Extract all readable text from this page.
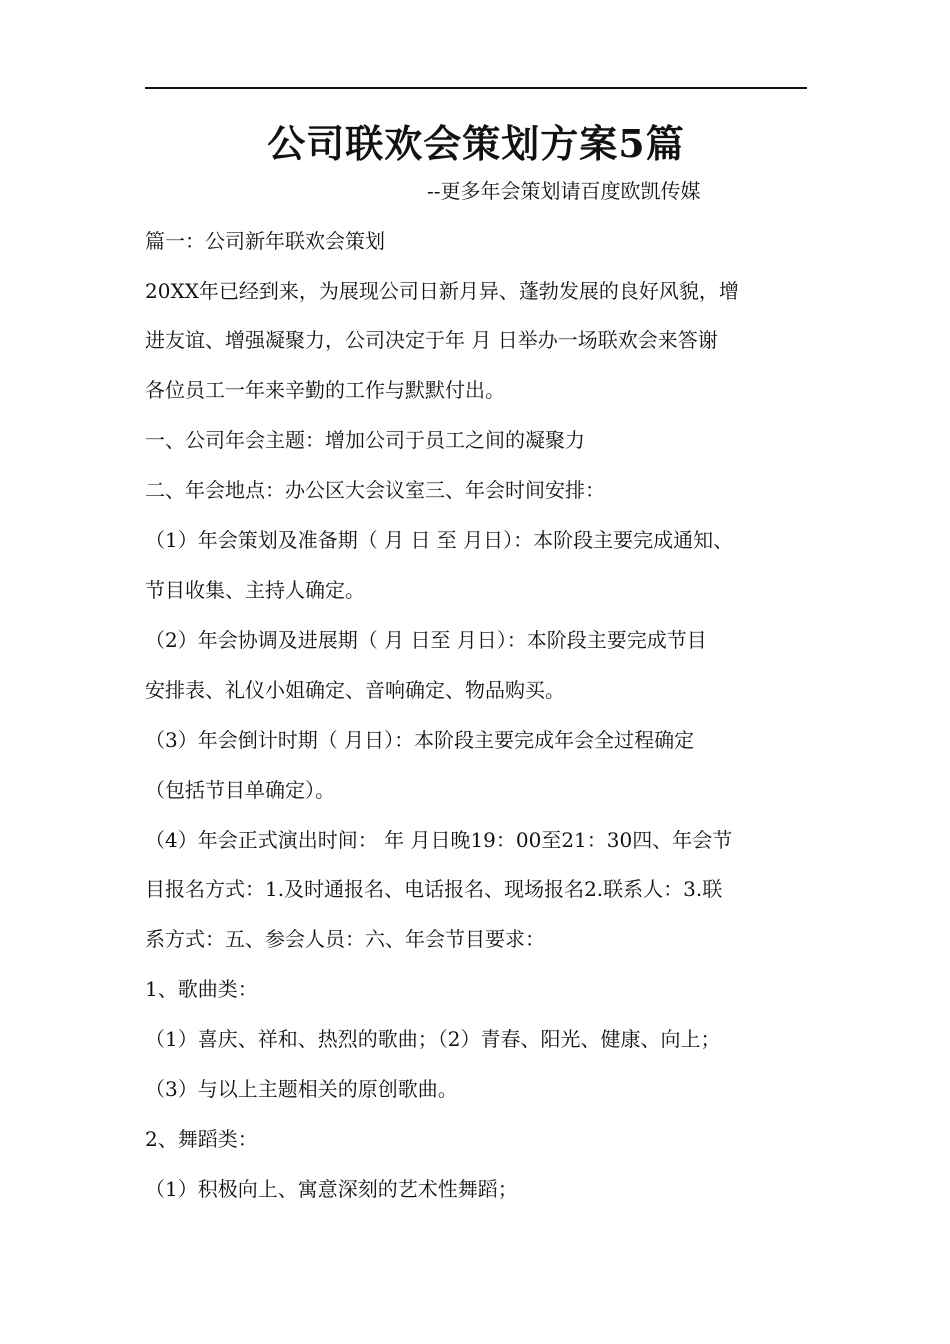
公司联欢会策划方案5篇
--更多年会策划请百度欧凯传媒
篇一：公司新年联欢会策划
20XX年已经到来，为展现公司日新月异、蓬勃发展的良好风貌，增
进友谊、增强凝聚力，公司决定于年 月 日举办一场联欢会来答谢
各位员工一年来辛勤的工作与默默付出。
一、公司年会主题：增加公司于员工之间的凝聚力
二、年会地点：办公区大会议室三、年会时间安排：
（1）年会策划及准备期（ 月 日 至 月日）：本阶段主要完成通知、
节目收集、主持人确定。
（2）年会协调及进展期（ 月 日至 月日）：本阶段主要完成节目
安排表、礼仪小姐确定、音响确定、物品购买。
（3）年会倒计时期（ 月日）：本阶段主要完成年会全过程确定
（包括节目单确定）。
（4）年会正式演出时间： 年 月日晚19：00至21：30四、年会节
目报名方式：1.及时通报名、电话报名、现场报名2.联系人：3.联
系方式：五、参会人员：六、年会节目要求：
1、歌曲类：
（1）喜庆、祥和、热烈的歌曲；（2）青春、阳光、健康、向上；
（3）与以上主题相关的原创歌曲。
2、舞蹈类：
（1）积极向上、寓意深刻的艺术性舞蹈；
